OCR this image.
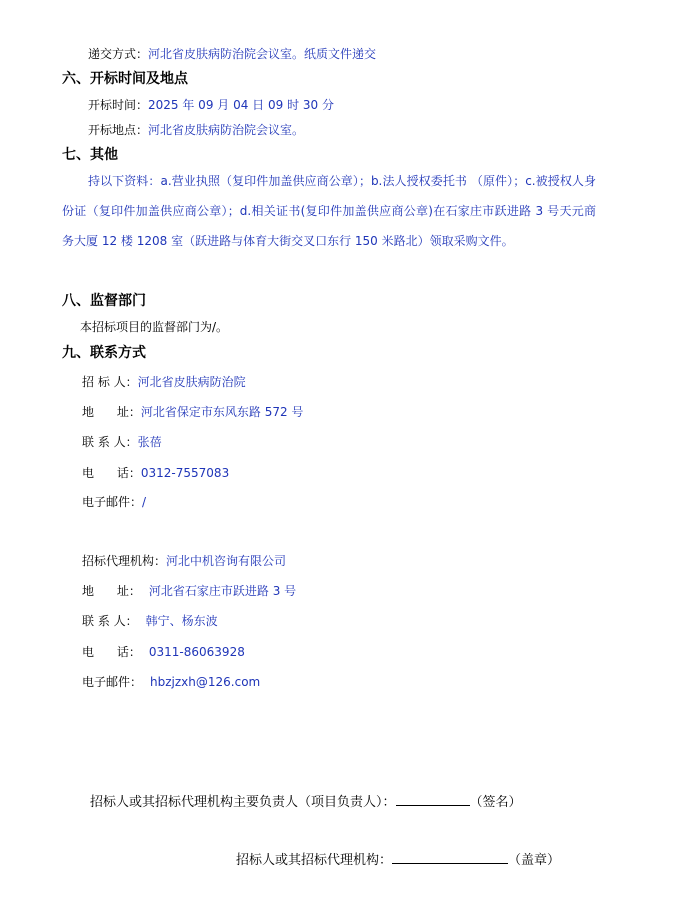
递交方式：河北省皮肤病防治院会议室。纸质文件递交
六、开标时间及地点
开标时间：2025 年 09 月 04 日 09 时 30 分
开标地点：河北省皮肤病防治院会议室。
七、其他
持以下资料：a.营业执照（复印件加盖供应商公章）；b.法人授权委托书 （原件）；c.被授权人身份证（复印件加盖供应商公章）；d.相关证书(复印件加盖供应商公章)在石家庄市跃进路 3 号天元商务大厦 12 楼 1208 室（跃进路与体育大街交叉口东行 150 米路北）领取采购文件。
八、监督部门
本招标项目的监督部门为/。
九、联系方式
招 标 人：河北省皮肤病防治院
地      址：河北省保定市东风东路 572 号
联 系 人：张蓓
电      话：0312-7557083
电子邮件：/
招标代理机构：河北中机咨询有限公司
地      址： 河北省石家庄市跃进路 3 号
联 系 人： 韩宁、杨东波
电      话： 0311-86063928
电子邮件： hbzjzxh@126.com
招标人或其招标代理机构主要负责人（项目负责人）：	（签名）
招标人或其招标代理机构：	（盖章）
